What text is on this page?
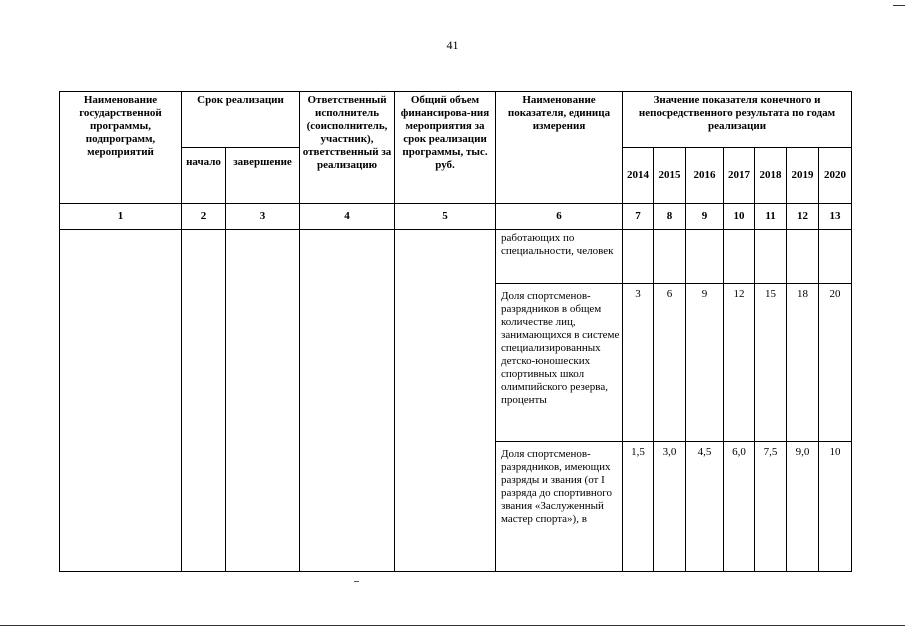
41
Наименование государственной программы, подпрограмм, мероприятий	Срок реализации		Ответственный исполнитель (соисполнитель, участник), ответственный за реализацию	Общий объем финансирова-ния мероприятия за срок реализации программы, тыс. руб.	Наименование показателя, единица измерения	Значение показателя конечного и непосредственного результата по годам реализации						
	начало	завершение				2014	2015	2016	2017	2018	2019	2020
1	2	3	4	5	6	7	8	9	10	11	12	13
					работающих по специальности, человек							
					Доля спортсменов-разрядников в общем количестве лиц, занимающихся в системе специализированных детско-юношеских спортивных школ олимпийского резерва, проценты	3	6	9	12	15	18	20
					Доля спортсменов-разрядников, имеющих разряды и звания (от I разряда до спортивного звания «Заслуженный мастер спорта»), в	1,5	3,0	4,5	6,0	7,5	9,0	10
